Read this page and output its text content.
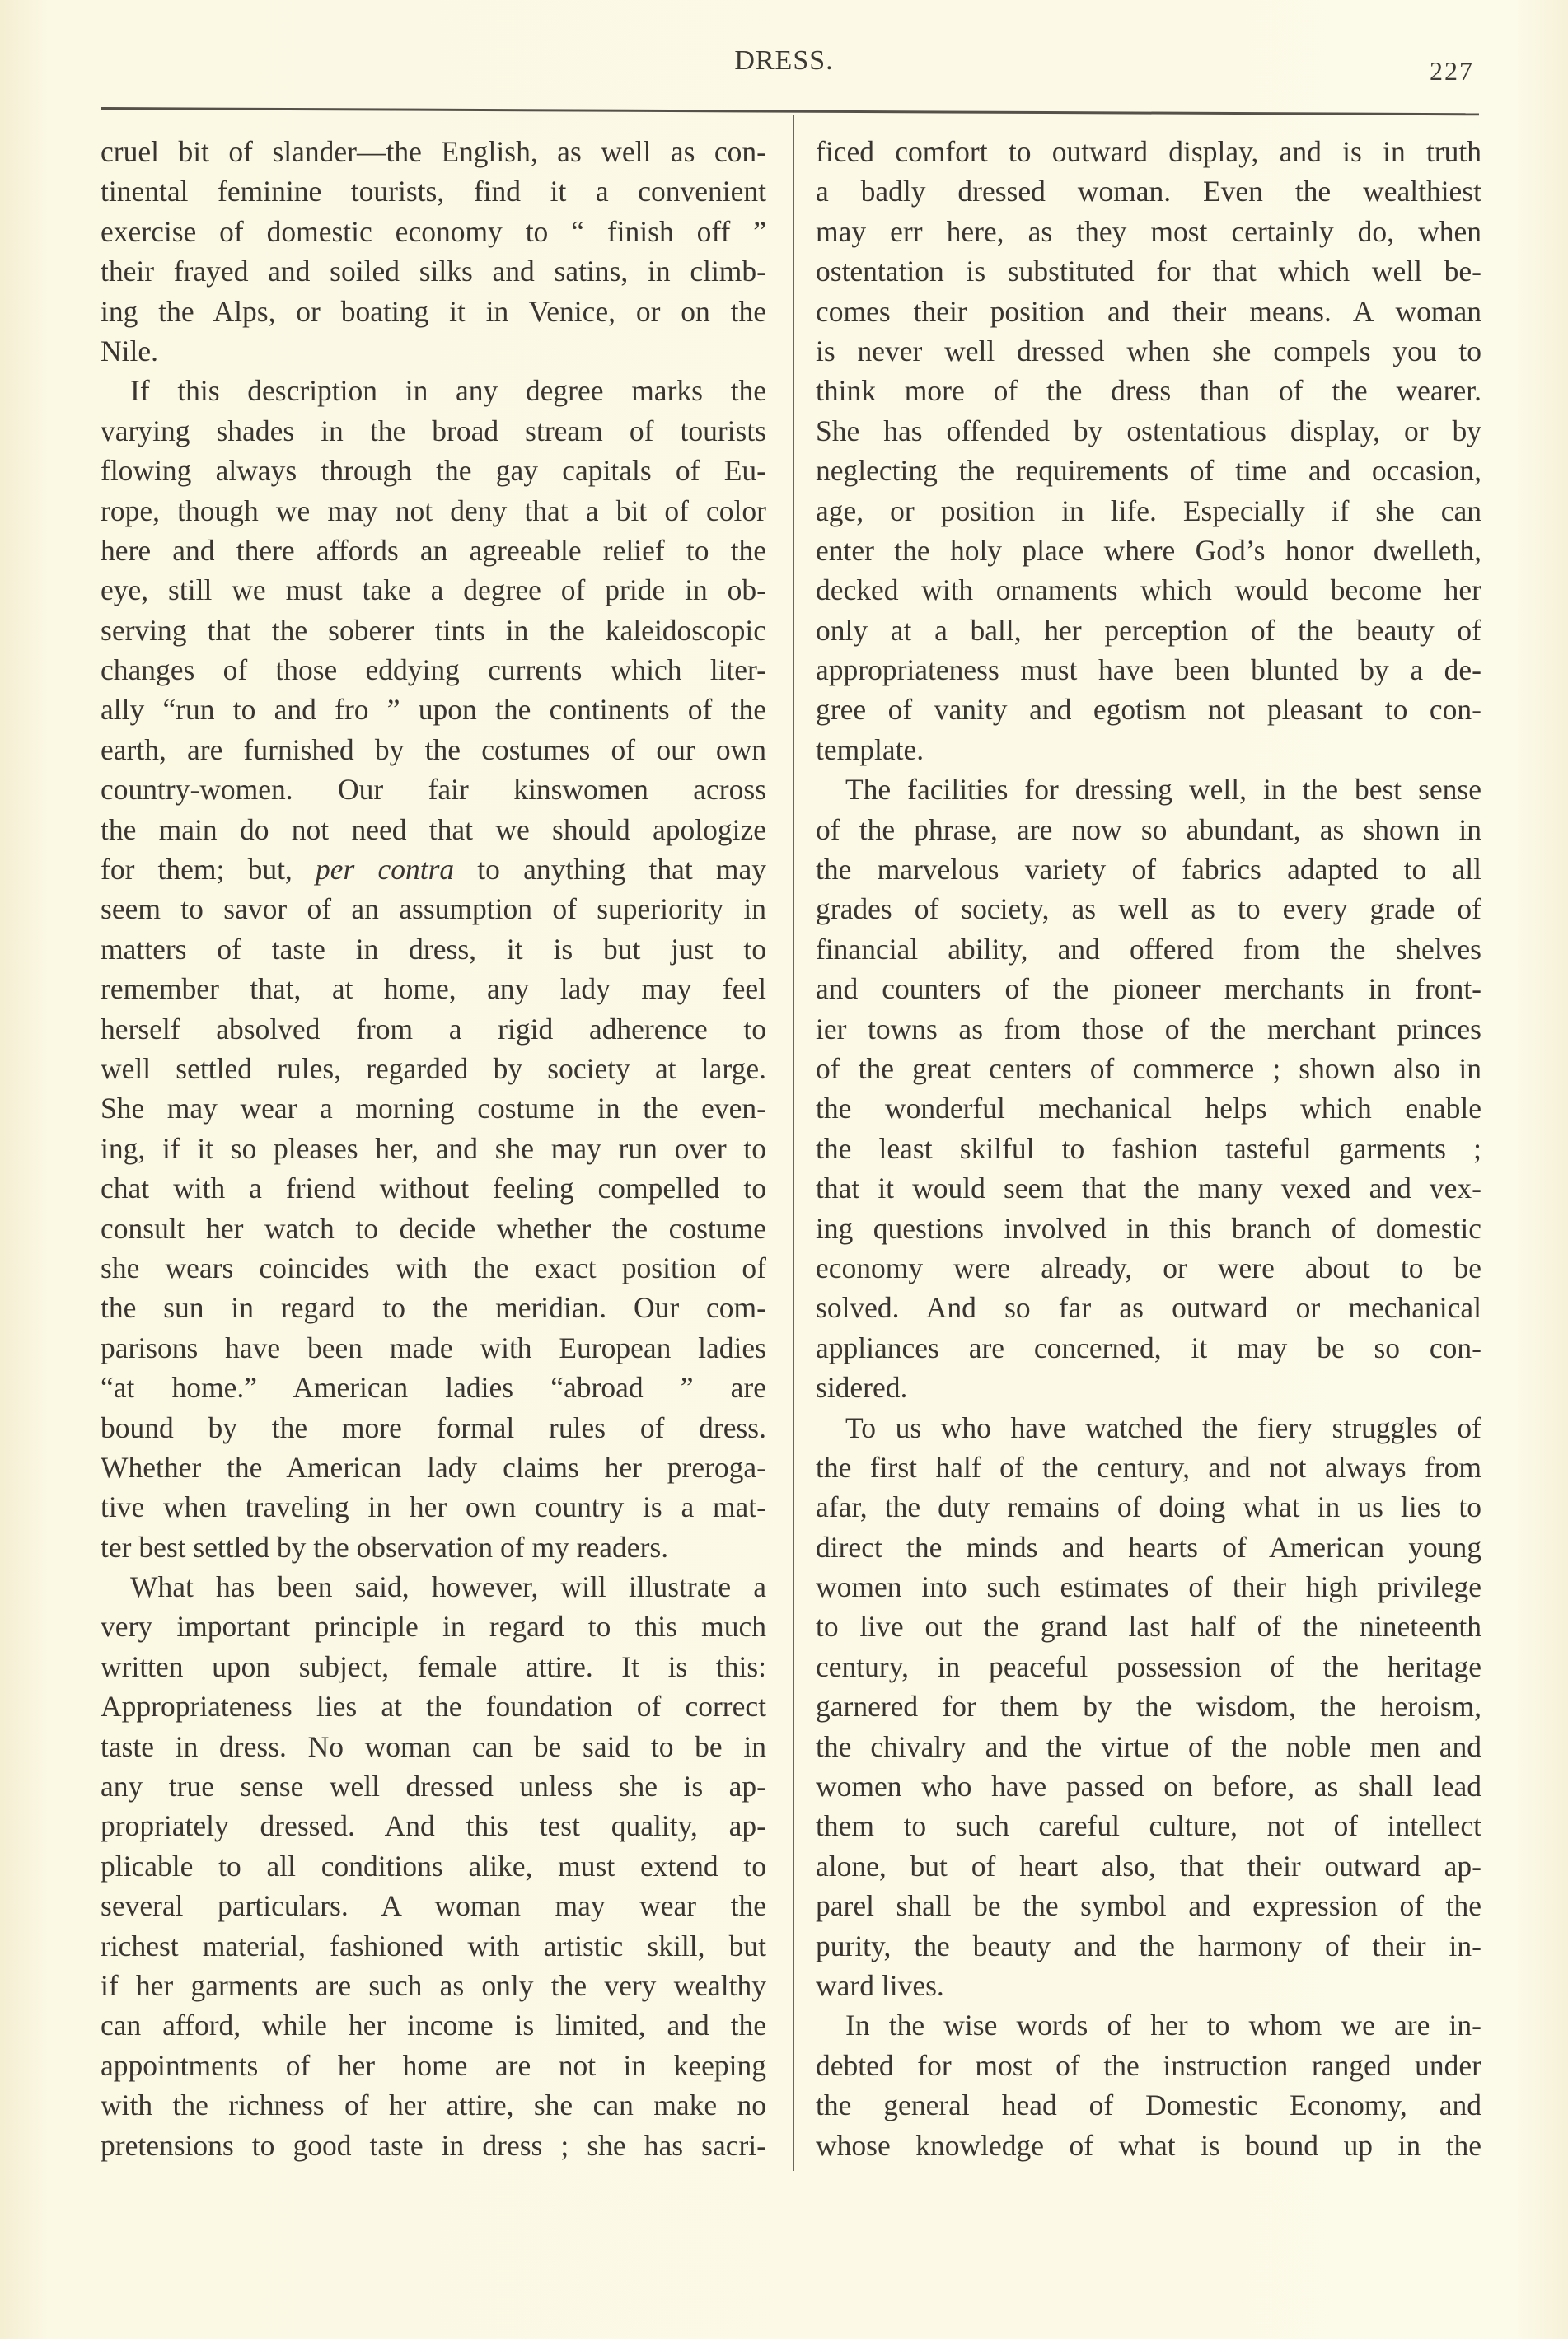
DRESS.	227
cruel bit of slander—the English, as well as con-
tinental feminine tourists, find it a convenient
exercise of domestic economy to “ finish off ”
their frayed and soiled silks and satins, in climb-
ing the Alps, or boating it in Venice, or on the
Nile.
If this description in any degree marks the
varying shades in the broad stream of tourists
flowing always through the gay capitals of Eu-
rope, though we may not deny that a bit of color
here and there affords an agreeable relief to the
eye, still we must take a degree of pride in ob-
serving that the soberer tints in the kaleidoscopic
changes of those eddying currents which liter-
ally “run to and fro ” upon the continents of the
earth, are furnished by the costumes of our own
country-women. Our fair kinswomen across
the main do not need that we should apologize
for them; but, per contra to anything that may
seem to savor of an assumption of superiority in
matters of taste in dress, it is but just to
remember that, at home, any lady may feel
herself absolved from a rigid adherence to
well settled rules, regarded by society at large.
She may wear a morning costume in the even-
ing, if it so pleases her, and she may run over to
chat with a friend without feeling compelled to
consult her watch to decide whether the costume
she wears coincides with the exact position of
the sun in regard to the meridian. Our com-
parisons have been made with European ladies
“at home.” American ladies “abroad ” are
bound by the more formal rules of dress.
Whether the American lady claims her preroga-
tive when traveling in her own country is a mat-
ter best settled by the observation of my readers.
What has been said, however, will illustrate a
very important principle in regard to this much
written upon subject, female attire. It is this:
Appropriateness lies at the foundation of correct
taste in dress. No woman can be said to be in
any true sense well dressed unless she is ap-
propriately dressed. And this test quality, ap-
plicable to all conditions alike, must extend to
several particulars. A woman may wear the
richest material, fashioned with artistic skill, but
if her garments are such as only the very wealthy
can afford, while her income is limited, and the
appointments of her home are not in keeping
with the richness of her attire, she can make no
pretensions to good taste in dress ; she has sacri-
ficed comfort to outward display, and is in truth
a badly dressed woman. Even the wealthiest
may err here, as they most certainly do, when
ostentation is substituted for that which well be-
comes their position and their means. A woman
is never well dressed when she compels you to
think more of the dress than of the wearer.
She has offended by ostentatious display, or by
neglecting the requirements of time and occasion,
age, or position in life. Especially if she can
enter the holy place where God’s honor dwelleth,
decked with ornaments which would become her
only at a ball, her perception of the beauty of
appropriateness must have been blunted by a de-
gree of vanity and egotism not pleasant to con-
template.
The facilities for dressing well, in the best sense
of the phrase, are now so abundant, as shown in
the marvelous variety of fabrics adapted to all
grades of society, as well as to every grade of
financial ability, and offered from the shelves
and counters of the pioneer merchants in front-
ier towns as from those of the merchant princes
of the great centers of commerce ; shown also in
the wonderful mechanical helps which enable
the least skilful to fashion tasteful garments ;
that it would seem that the many vexed and vex-
ing questions involved in this branch of domestic
economy were already, or were about to be
solved. And so far as outward or mechanical
appliances are concerned, it may be so con-
sidered.
To us who have watched the fiery struggles of
the first half of the century, and not always from
afar, the duty remains of doing what in us lies to
direct the minds and hearts of American young
women into such estimates of their high privilege
to live out the grand last half of the nineteenth
century, in peaceful possession of the heritage
garnered for them by the wisdom, the heroism,
the chivalry and the virtue of the noble men and
women who have passed on before, as shall lead
them to such careful culture, not of intellect
alone, but of heart also, that their outward ap-
parel shall be the symbol and expression of the
purity, the beauty and the harmony of their in-
ward lives.
In the wise words of her to whom we are in-
debted for most of the instruction ranged under
the general head of Domestic Economy, and
whose knowledge of what is bound up in the
